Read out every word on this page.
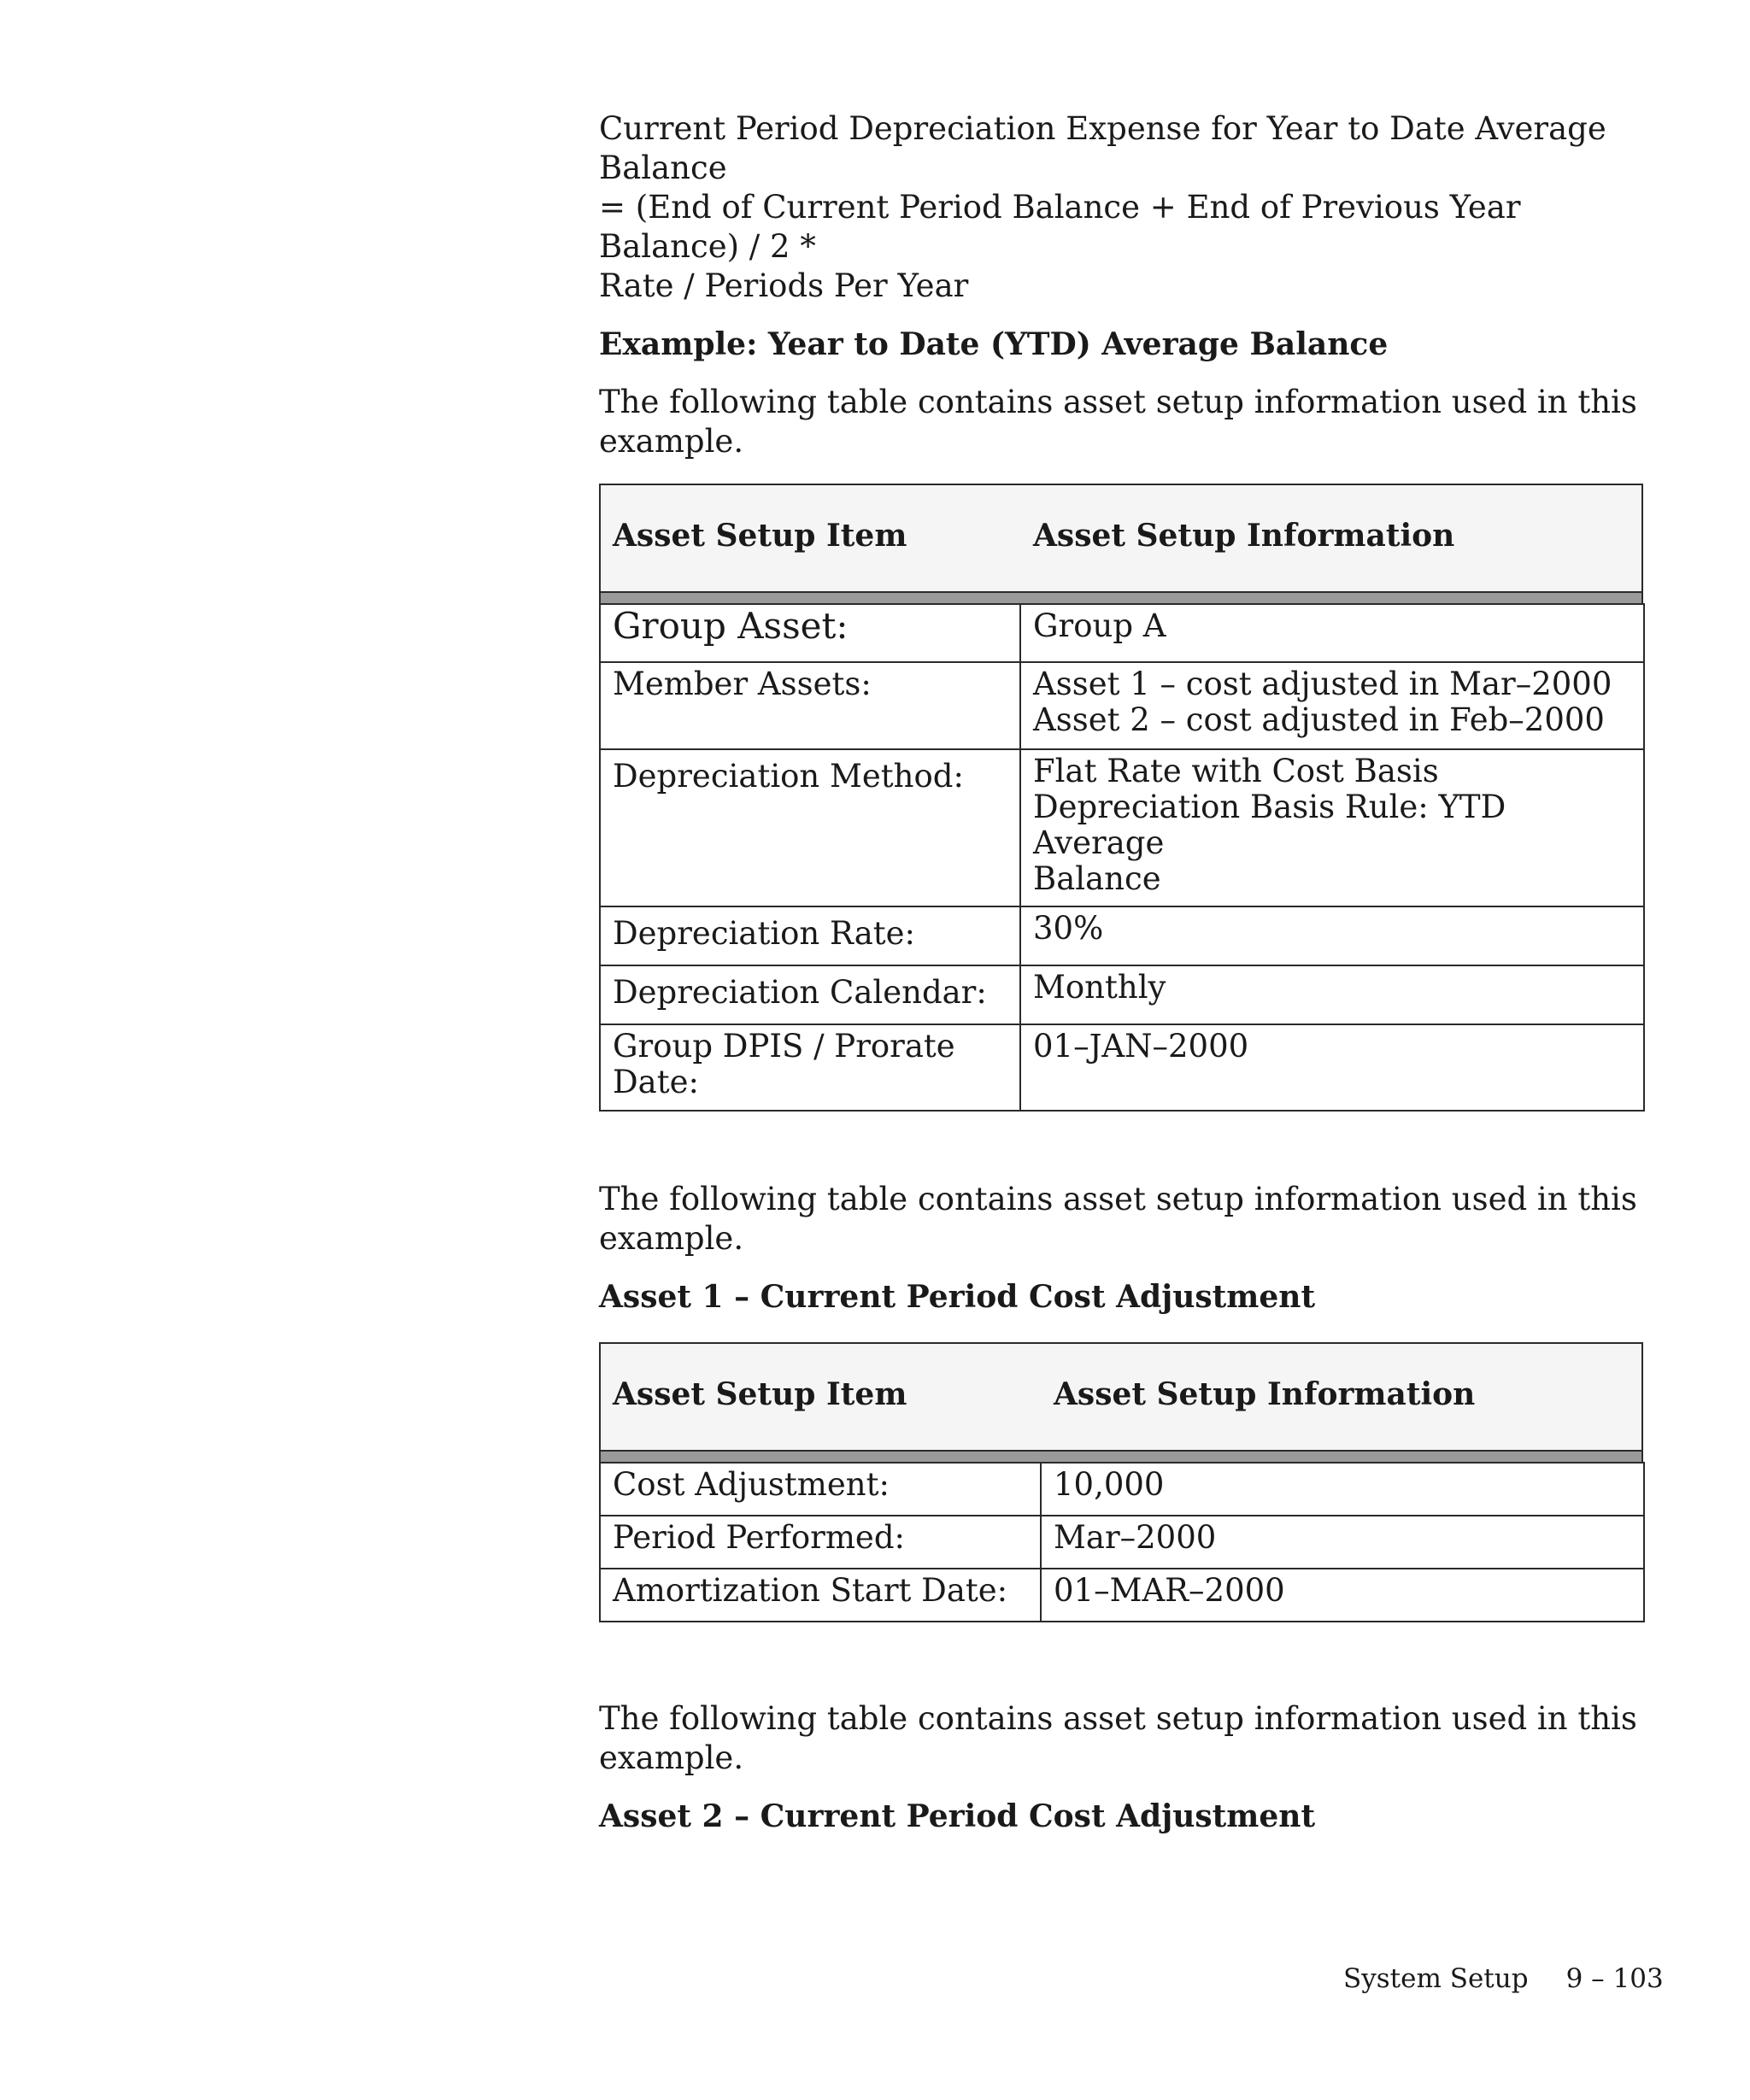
Current Period Depreciation Expense for Year to Date Average Balance

= (End of Current Period Balance + End of Previous Year Balance) / 2 *

Rate / Periods Per Year

Example: Year to Date (YTD) Average Balance

The following table contains asset setup information used in this

example.

Asset Setup Item	Asset Setup Information
Group Asset:	Group A
Member Assets:	Asset 1 – cost adjusted in Mar–2000
Asset 2 – cost adjusted in Feb–2000

Depreciation Method:	Flat Rate with Cost Basis
Depreciation Basis Rule: YTD Average
Balance

Depreciation Rate:	30%
Depreciation Calendar:	Monthly
Group DPIS / Prorate Date:	01–JAN–2000

The following table contains asset setup information used in this

example.

Asset 1 – Current Period Cost Adjustment

Asset Setup Item	Asset Setup Information
Cost Adjustment:	10,000
Period Performed:	Mar–2000
Amortization Start Date:	01–MAR–2000

The following table contains asset setup information used in this

example.

Asset 2 – Current Period Cost Adjustment

System Setup 9 – 103
